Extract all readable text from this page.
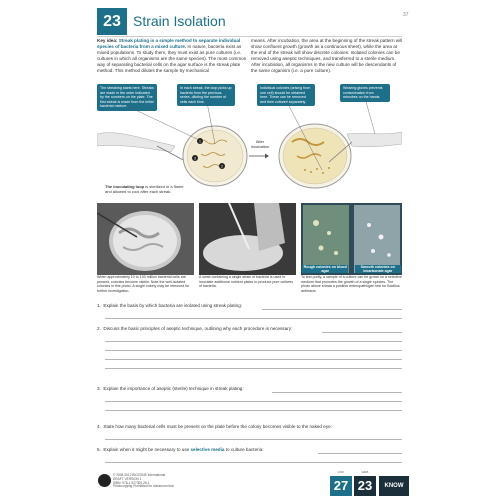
23 Strain Isolation	37
Key idea: Streak plating is a simple method to separate individual species of bacteria from a mixed culture. In nature, bacteria exist as mixed populations. To study them, they must exist as pure cultures (i.e. cultures in which all organisms are the same species). The most common way of separating bacterial cells on the agar surface is the streak plate method. This method dilutes the sample by mechanical
means. After incubation, the area at the beginning of the streak pattern will show confluent growth (growth as a continuous sheet), while the area at the end of the streak will show discrete colonies. Isolated colonies can be removed using aseptic techniques, and transferred to a sterile medium. After incubation, all organisms in the new culture will be descendants of the same organism (i.e. a pure culture).
The streaking starts here. Streaks are made in the order indicated by the numbers on the plate. The first streak is made from the initial bacterial mixture.
In each streak, the loop picks up bacteria from the previous series, diluting the number of cells each time.
Individual colonies (arising from one cell) should be obtained here. These can be removed and then cultured separately.
Wearing gloves prevents contamination from microbes on the hands.
1
2
3
After incubation
The inoculating loop is sterilized in a flame and allowed to cool after each streak.
Rough colonies on blood agar
Smooth colonies on bicarbonate agar
When approximately 10 to 100 million bacterial cells are present, colonies become visible. Note the well-isolated colonies in this photo. A single colony may be removed for further investigation.
A swab containing a single strain of bacteria is used to inoculate additional nutrient plates to produce pure cultures of bacteria.
To test purity, a sample of a culture can be grown on a selective medium that promotes the growth of a single species. The photo above shows a positive enteropathogen test for Bacillus anthracis.
1. Explain the basis by which bacteria are isolated using streak plating:
2. Discuss the basic principles of aseptic technique, outlining why each procedure is necessary:
3. Explain the importance of aseptic (sterile) technique in streak plating:
4. State how many bacterial cells must be present on the plate before the colony becomes visible to the naked eye:
5. Explain when it might be necessary to use selective media to culture bacteria:
© 2008-2012 BIOZONE International
DRAFT VERSION 1
ISBN: 978-1-927309-26-1
Photocopying Prohibited for classroom trial
LINK	WEB
27 23	KNOW
